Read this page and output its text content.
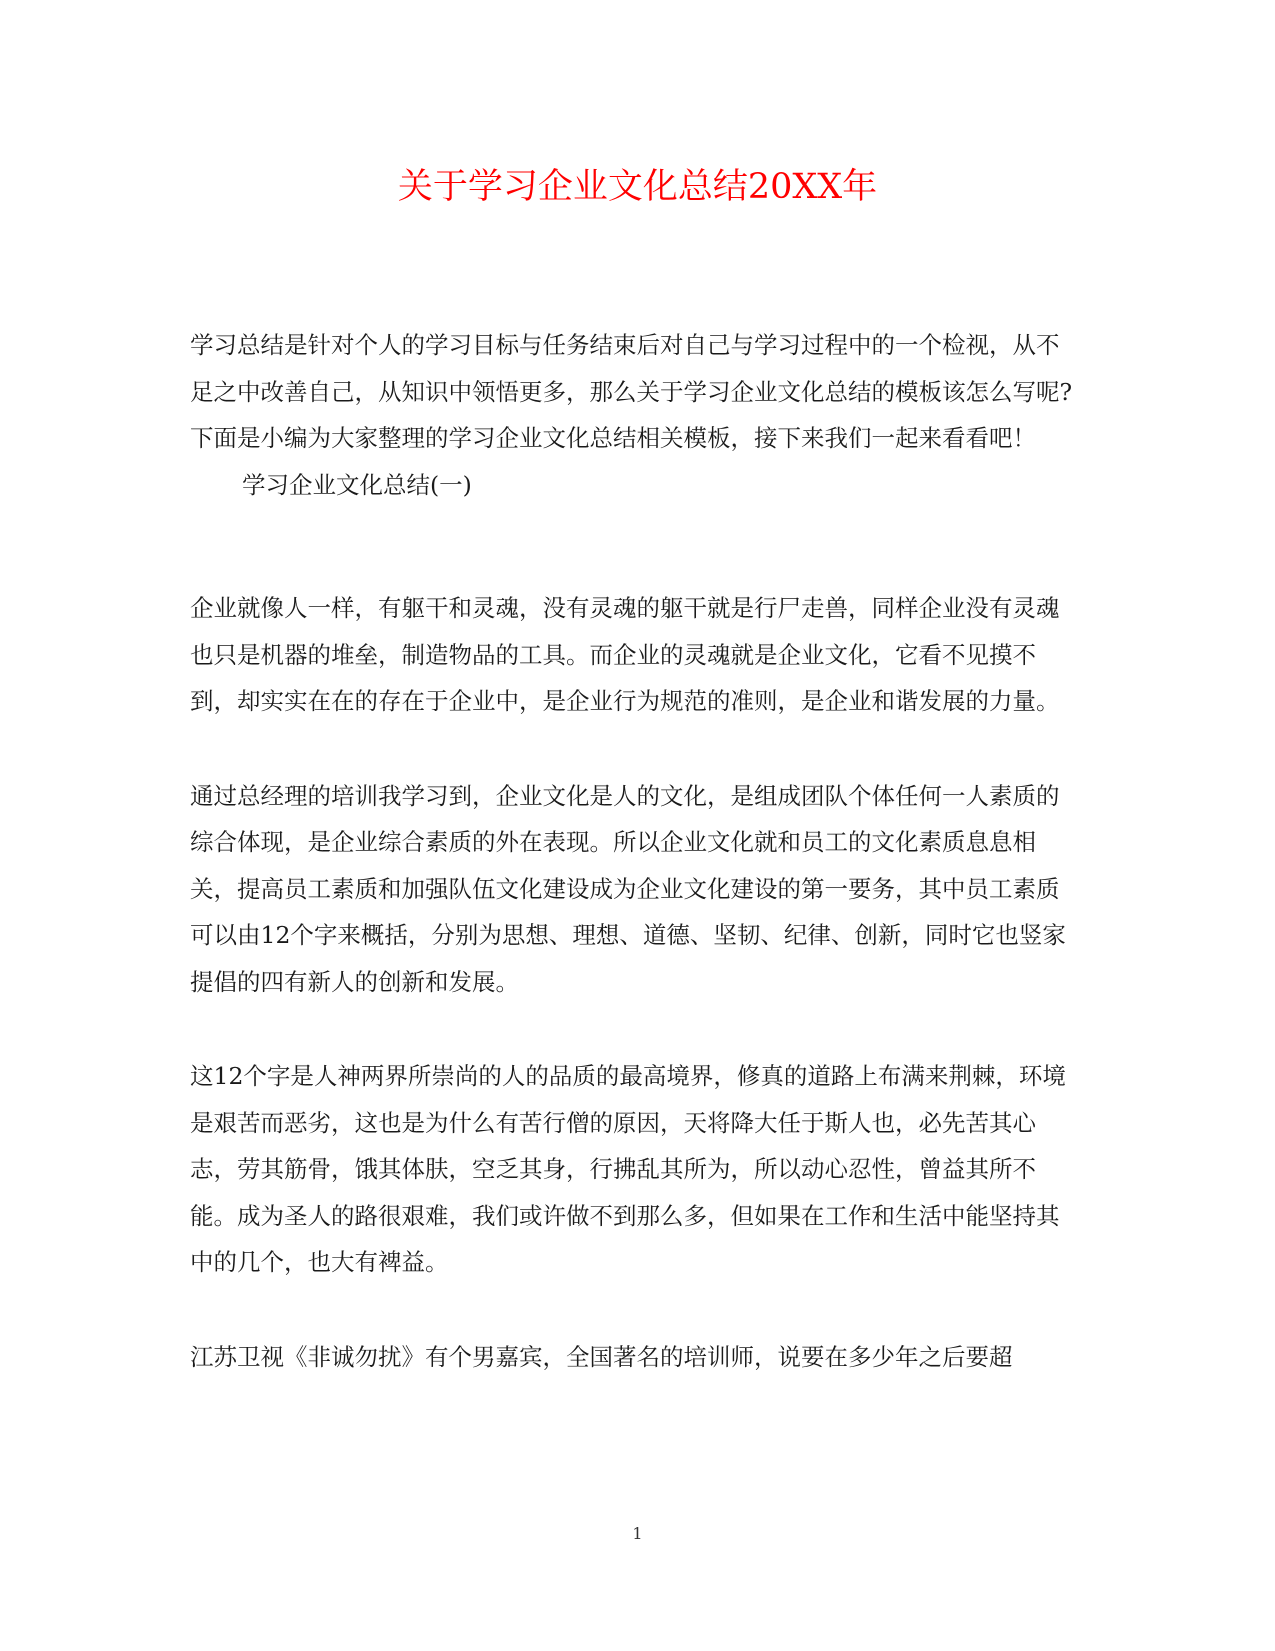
关于学习企业文化总结20XX年

学习总结是针对个人的学习目标与任务结束后对自己与学习过程中的一个检视，从不足之中改善自己，从知识中领悟更多，那么关于学习企业文化总结的模板该怎么写呢?下面是小编为大家整理的学习企业文化总结相关模板，接下来我们一起来看看吧！

学习企业文化总结(一)

企业就像人一样，有躯干和灵魂，没有灵魂的躯干就是行尸走兽，同样企业没有灵魂也只是机器的堆垒，制造物品的工具。而企业的灵魂就是企业文化，它看不见摸不到，却实实在在的存在于企业中，是企业行为规范的准则，是企业和谐发展的力量。

通过总经理的培训我学习到，企业文化是人的文化，是组成团队个体任何一人素质的综合体现，是企业综合素质的外在表现。所以企业文化就和员工的文化素质息息相关，提高员工素质和加强队伍文化建设成为企业文化建设的第一要务，其中员工素质可以由12个字来概括，分别为思想、理想、道德、坚韧、纪律、创新，同时它也竖家提倡的四有新人的创新和发展。

这12个字是人神两界所崇尚的人的品质的最高境界，修真的道路上布满来荆棘，环境是艰苦而恶劣，这也是为什么有苦行僧的原因，天将降大任于斯人也，必先苦其心志，劳其筋骨，饿其体肤，空乏其身，行拂乱其所为，所以动心忍性，曾益其所不能。成为圣人的路很艰难，我们或许做不到那么多，但如果在工作和生活中能坚持其中的几个，也大有裨益。

江苏卫视《非诚勿扰》有个男嘉宾，全国著名的培训师，说要在多少年之后要超

1
